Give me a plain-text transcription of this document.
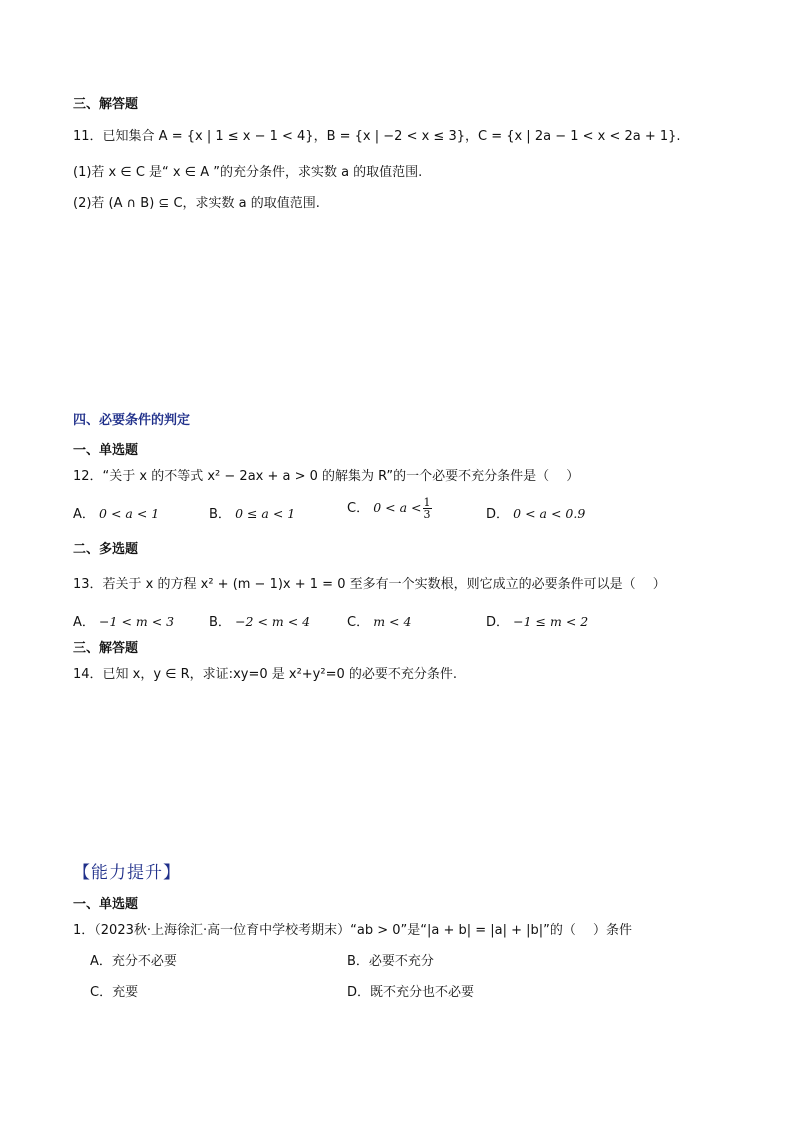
三、解答题
11．已知集合 A = {x | 1 ≤ x − 1 < 4}，B = {x | −2 < x ≤ 3}，C = {x | 2a − 1 < x < 2a + 1}.
(1)若 x ∈ C 是“ x ∈ A ”的充分条件，求实数 a 的取值范围.
(2)若 (A ∩ B) ⊆ C，求实数 a 的取值范围.
四、必要条件的判定
一、单选题
12．“关于 x 的不等式 x² − 2ax + a > 0 的解集为 R”的一个必要不充分条件是（　 ）
A． 0 < a < 1	B． 0 ≤ a < 1	C． $0 < a < \frac{1}{3}$	D． 0 < a < 0.9
二、多选题
13．若关于 x 的方程 x² + (m − 1)x + 1 = 0 至多有一个实数根，则它成立的必要条件可以是（　 ）
A． −1 < m < 3	B． −2 < m < 4	C． m < 4	D． −1 ≤ m < 2
三、解答题
14．已知 x，y ∈ R，求证:xy=0 是 x²+y²=0 的必要不充分条件.
【能力提升】
一、单选题
1．（2023秋·上海徐汇·高一位育中学校考期末）“ab > 0”是“|a + b| = |a| + |b|”的（　 ）条件
A．充分不必要	B．必要不充分
C．充要	D．既不充分也不必要
